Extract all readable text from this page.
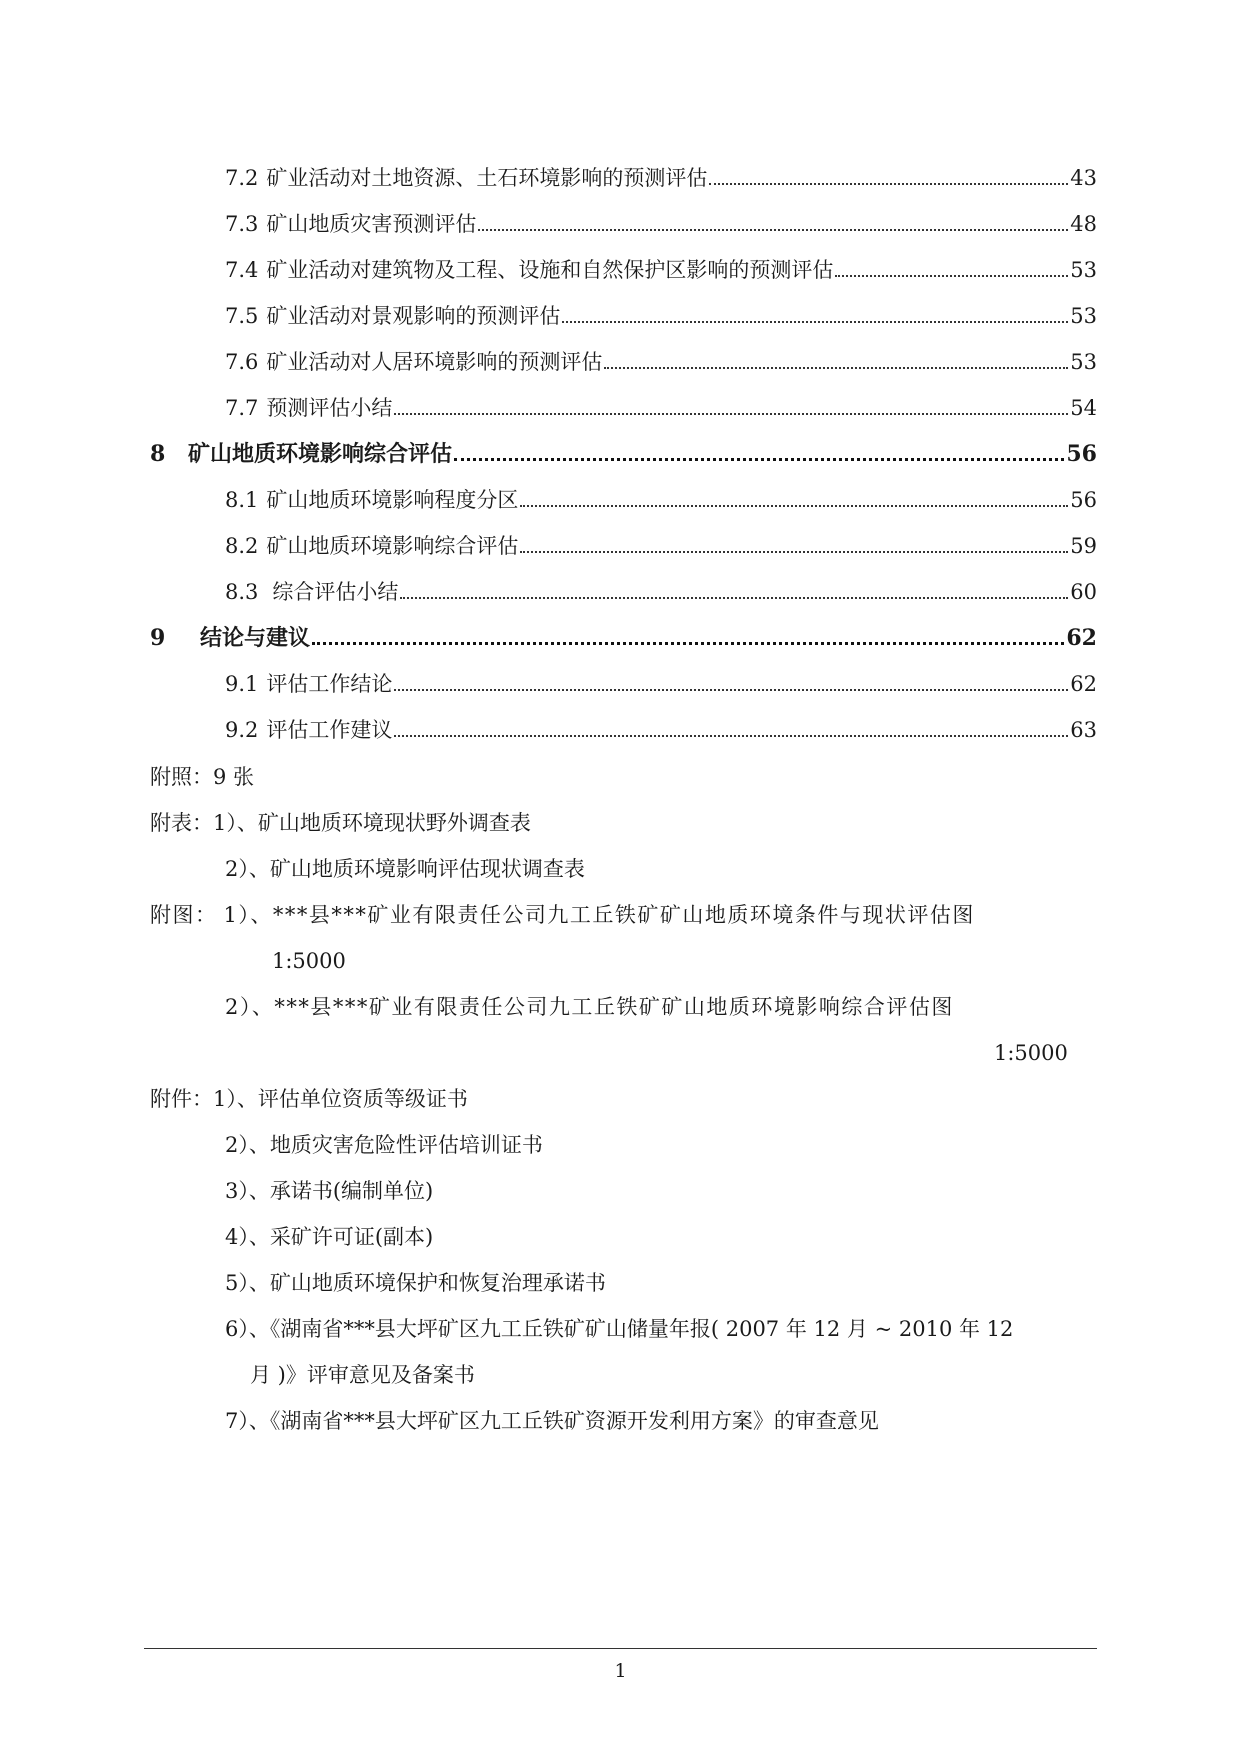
7.2 矿业活动对土地资源、土石环境影响的预测评估	43
7.3 矿山地质灾害预测评估	48
7.4 矿业活动对建筑物及工程、设施和自然保护区影响的预测评估	53
7.5 矿业活动对景观影响的预测评估	53
7.6 矿业活动对人居环境影响的预测评估	53
7.7 预测评估小结	54
8	矿山地质环境影响综合评估	56
8.1 矿山地质环境影响程度分区	56
8.2 矿山地质环境影响综合评估	59
8.3 综合评估小结	60
9	结论与建议	62
9.1 评估工作结论	62
9.2 评估工作建议	63
附照：9 张
附表：1）、矿山地质环境现状野外调查表
2）、矿山地质环境影响评估现状调查表
附图： 1）、***县***矿业有限责任公司九工丘铁矿矿山地质环境条件与现状评估图
1:5000
2）、***县***矿业有限责任公司九工丘铁矿矿山地质环境影响综合评估图
1:5000
附件：1）、评估单位资质等级证书
2）、地质灾害危险性评估培训证书
3）、承诺书(编制单位)
4）、采矿许可证(副本)
5）、矿山地质环境保护和恢复治理承诺书
6）、《湖南省***县大坪矿区九工丘铁矿矿山储量年报( 2007 年 12 月 ~ 2010 年 12
月 )》评审意见及备案书
7）、《湖南省***县大坪矿区九工丘铁矿资源开发利用方案》的审查意见
1
